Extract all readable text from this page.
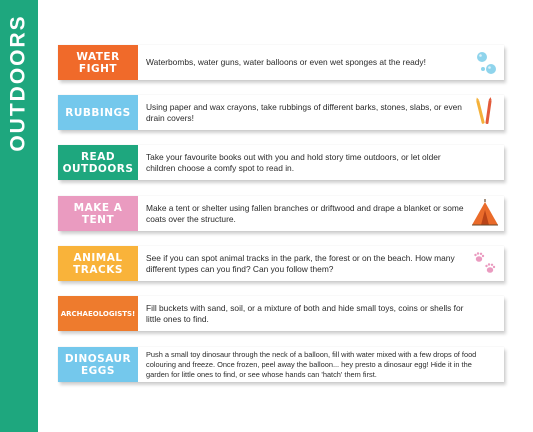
OUTDOORS	WATER
FIGHT
Waterbombs, water guns, water balloons or even wet sponges at the ready!
RUBBINGS	Using paper and wax crayons, take rubbings of different barks, stones, slabs, or even drain covers!
READ
OUTDOORS
Take your favourite books out with you and hold story time outdoors, or let older children choose a comfy spot to read in.
MAKE A
TENT
Make a tent or shelter using fallen branches or driftwood and drape a blanket or some coats over the structure.
ANIMAL
TRACKS
See if you can spot animal tracks in the park, the forest or on the beach. How many different types can you find? Can you follow them?
ARCHAEOLOGISTS!
Fill buckets with sand, soil, or a mixture of both and hide small toys, coins or shells for little ones to find.
DINOSAUR
EGGS
Push a small toy dinosaur through the neck of a balloon, fill with water mixed with a few drops of food colouring and freeze. Once frozen, peel away the balloon... hey presto a dinosaur egg! Hide it in the garden for little ones to find, or see whose hands can 'hatch' them first.
